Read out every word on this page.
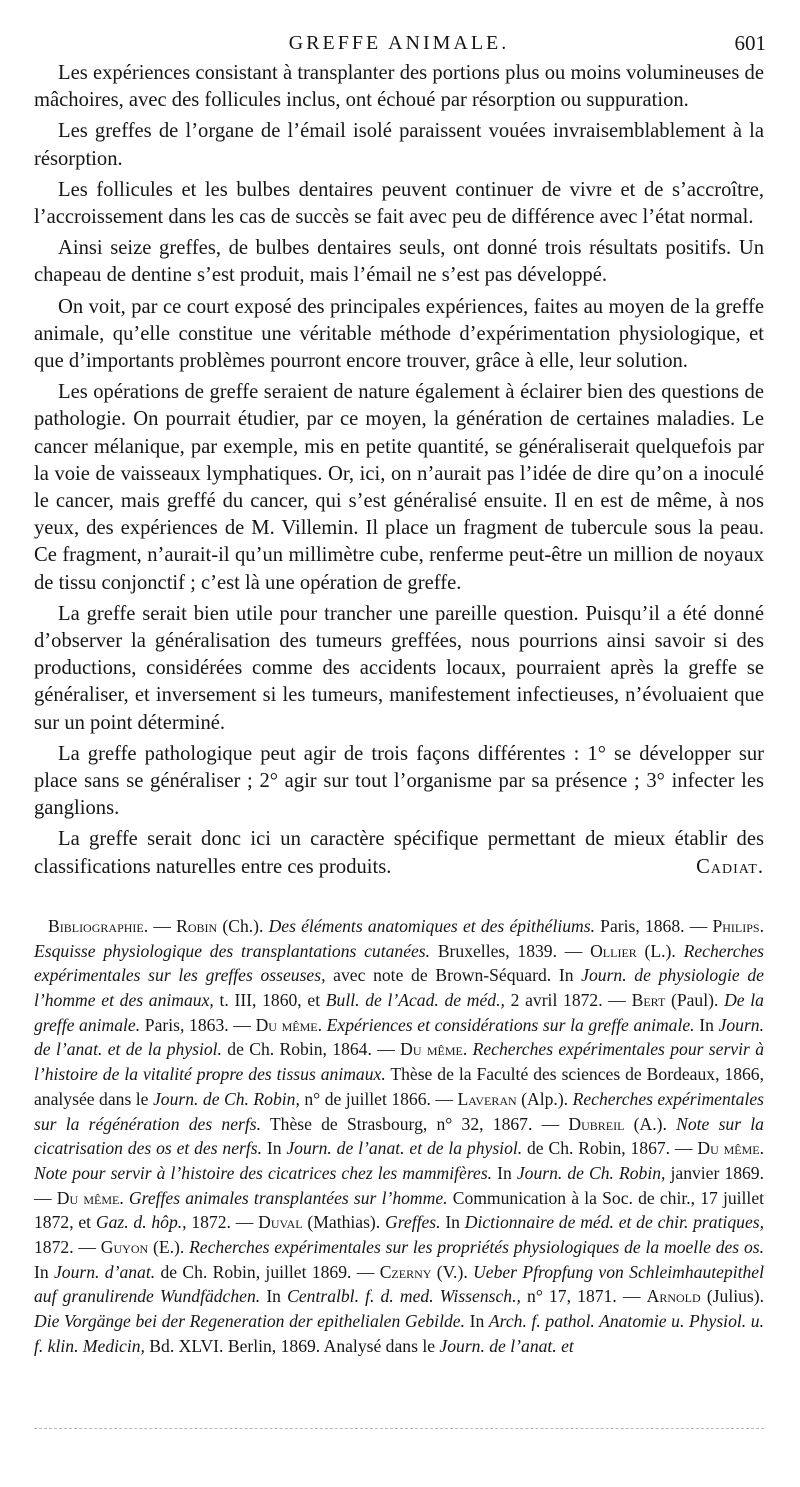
GREFFE ANIMALE.	601

Les expériences consistant à transplanter des portions plus ou moins volumineuses de mâchoires, avec des follicules inclus, ont échoué par résorption ou suppuration.

Les greffes de l’organe de l’émail isolé paraissent vouées invraisemblablement à la résorption.

Les follicules et les bulbes dentaires peuvent continuer de vivre et de s’accroître, l’accroissement dans les cas de succès se fait avec peu de différence avec l’état normal.

Ainsi seize greffes, de bulbes dentaires seuls, ont donné trois résultats positifs. Un chapeau de dentine s’est produit, mais l’émail ne s’est pas développé.

On voit, par ce court exposé des principales expériences, faites au moyen de la greffe animale, qu’elle constitue une véritable méthode d’expérimentation physiologique, et que d’importants problèmes pourront encore trouver, grâce à elle, leur solution.

Les opérations de greffe seraient de nature également à éclairer bien des questions de pathologie. On pourrait étudier, par ce moyen, la génération de certaines maladies. Le cancer mélanique, par exemple, mis en petite quantité, se généraliserait quelquefois par la voie de vaisseaux lymphatiques. Or, ici, on n’aurait pas l’idée de dire qu’on a inoculé le cancer, mais greffé du cancer, qui s’est généralisé ensuite. Il en est de même, à nos yeux, des expériences de M. Villemin. Il place un fragment de tubercule sous la peau. Ce fragment, n’aurait-il qu’un millimètre cube, renferme peut-être un million de noyaux de tissu conjonctif ; c’est là une opération de greffe.

La greffe serait bien utile pour trancher une pareille question. Puisqu’il a été donné d’observer la généralisation des tumeurs greffées, nous pourrions ainsi savoir si des productions, considérées comme des accidents locaux, pourraient après la greffe se généraliser, et inversement si les tumeurs, manifestement infectieuses, n’évoluaient que sur un point déterminé.

La greffe pathologique peut agir de trois façons différentes : 1° se développer sur place sans se généraliser ; 2° agir sur tout l’organisme par sa présence ; 3° infecter les ganglions.

La greffe serait donc ici un caractère spécifique permettant de mieux établir des classifications naturelles entre ces produits.	Cadiat.

Bibliographie. — Robin (Ch.). Des éléments anatomiques et des épithéliums. Paris, 1868. — Philips. Esquisse physiologique des transplantations cutanées. Bruxelles, 1839. — Ollier (L.). Recherches expérimentales sur les greffes osseuses, avec note de Brown-Séquard. In Journ. de physiologie de l’homme et des animaux, t. III, 1860, et Bull. de l’Acad. de méd., 2 avril 1872. — Bert (Paul). De la greffe animale. Paris, 1863. — Du même. Expériences et considérations sur la greffe animale. In Journ. de l’anat. et de la physiol. de Ch. Robin, 1864. — Du même. Recherches expérimentales pour servir à l’histoire de la vitalité propre des tissus animaux. Thèse de la Faculté des sciences de Bordeaux, 1866, analysée dans le Journ. de Ch. Robin, n° de juillet 1866. — Laveran (Alp.). Recherches expérimentales sur la régénération des nerfs. Thèse de Strasbourg, n° 32, 1867. — Dubreil (A.). Note sur la cicatrisation des os et des nerfs. In Journ. de l’anat. et de la physiol. de Ch. Robin, 1867. — Du même. Note pour servir à l’histoire des cicatrices chez les mammifères. In Journ. de Ch. Robin, janvier 1869. — Du même. Greffes animales transplantées sur l’homme. Communication à la Soc. de chir., 17 juillet 1872, et Gaz. d. hôp., 1872. — Duval (Mathias). Greffes. In Dictionnaire de méd. et de chir. pratiques, 1872. — Guyon (E.). Recherches expérimentales sur les propriétés physiologiques de la moelle des os. In Journ. d’anat. de Ch. Robin, juillet 1869. — Czerny (V.). Ueber Pfropfung von Schleimhautepithel auf granulirende Wundfädchen. In Centralbl. f. d. med. Wissensch., n° 17, 1871. — Arnold (Julius). Die Vorgänge bei der Regeneration der epithelialen Gebilde. In Arch. f. pathol. Anatomie u. Physiol. u. f. klin. Medicin, Bd. XLVI. Berlin, 1869. Analysé dans le Journ. de l’anat. et
